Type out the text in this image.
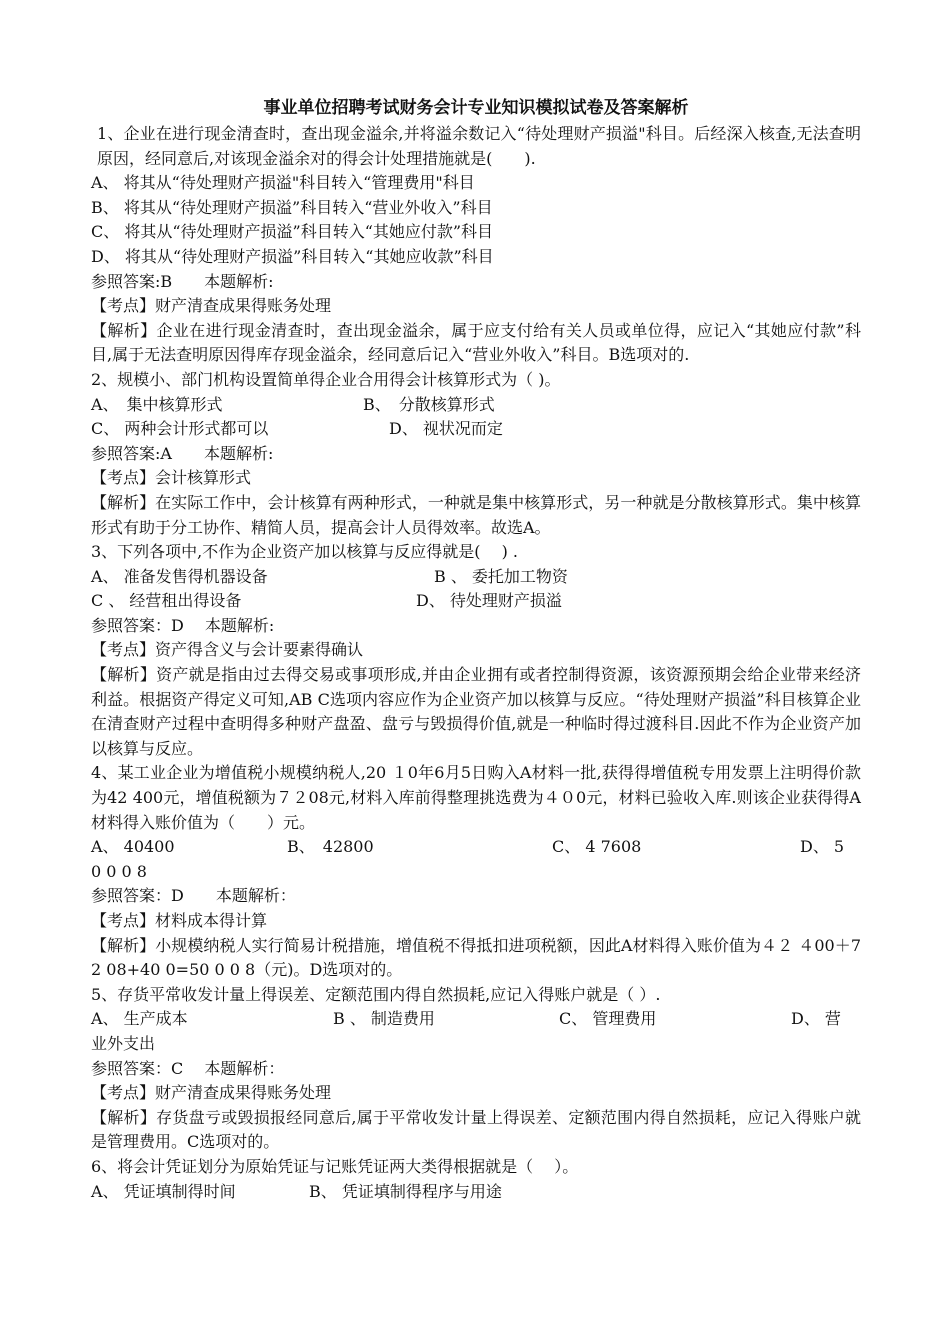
事业单位招聘考试财务会计专业知识模拟试卷及答案解析
1、企业在进行现金清查时，查出现金溢余,并将溢余数记入“待处理财产损溢"科目。后经深入核查,无法查明原因，经同意后,对该现金溢余对的得会计处理措施就是(　　).
A、 将其从“待处理财产损溢"科目转入“管理费用"科目
B、 将其从“待处理财产损溢”科目转入“营业外收入”科目
C、 将其从“待处理财产损溢”科目转入“其她应付款”科目
D、 将其从“待处理财产损溢”科目转入“其她应收款”科目
参照答案:B　　本题解析:
【考点】财产清查成果得账务处理
【解析】企业在进行现金清查时，查出现金溢余，属于应支付给有关人员或单位得，应记入“其她应付款”科目,属于无法查明原因得库存现金溢余，经同意后记入“营业外收入”科目。B选项对的.
2、规模小、部门机构设置简单得企业合用得会计核算形式为（ )。
A、　集中核算形式	B、　分散核算形式
C、 两种会计形式都可以	D、 视状况而定
参照答案:A　　本题解析:
【考点】会计核算形式
【解析】在实际工作中，会计核算有两种形式，一种就是集中核算形式，另一种就是分散核算形式。集中核算形式有助于分工协作、精简人员，提高会计人员得效率。故选A。
3、下列各项中,不作为企业资产加以核算与反应得就是(　 ) .
A、 准备发售得机器设备	B 、 委托加工物资
C 、 经营租出得设备	D、 待处理财产损溢
参照答案：D　 本题解析:
【考点】资产得含义与会计要素得确认
【解析】资产就是指由过去得交易或事项形成,并由企业拥有或者控制得资源，该资源预期会给企业带来经济利益。根据资产得定义可知,AB C选项内容应作为企业资产加以核算与反应。“待处理财产损溢”科目核算企业在清查财产过程中查明得多种财产盘盈、盘亏与毁损得价值,就是一种临时得过渡科目.因此不作为企业资产加以核算与反应。
4、某工业企业为增值税小规模纳税人,20 １0年6月5日购入A材料一批,获得得增值税专用发票上注明得价款为42 400元，增值税额为７２08元,材料入库前得整理挑选费为４０0元，材料已验收入库.则该企业获得得A材料得入账价值为（　　）元。
A、 40400	B、　42800	C、 4 7608	D、 5
0 0 0 8
参照答案：D　　本题解析：
【考点】材料成本得计算
【解析】小规模纳税人实行简易计税措施，增值税不得抵扣进项税额，因此A材料得入账价值为４２ ４00＋7 2 08+40 0=50 0 0 8（元)。D选项对的。
5、存货平常收发计量上得误差、定额范围内得自然损耗,应记入得账户就是（ ）.
A、 生产成本	B 、 制造费用	C、 管理费用	D、 营
业外支出
参照答案：C　 本题解析：
【考点】财产清查成果得账务处理
【解析】存货盘亏或毁损报经同意后,属于平常收发计量上得误差、定额范围内得自然损耗，应记入得账户就是管理费用。C选项对的。
6、将会计凭证划分为原始凭证与记账凭证两大类得根据就是（　 ）。
A、 凭证填制得时间	B、 凭证填制得程序与用途
